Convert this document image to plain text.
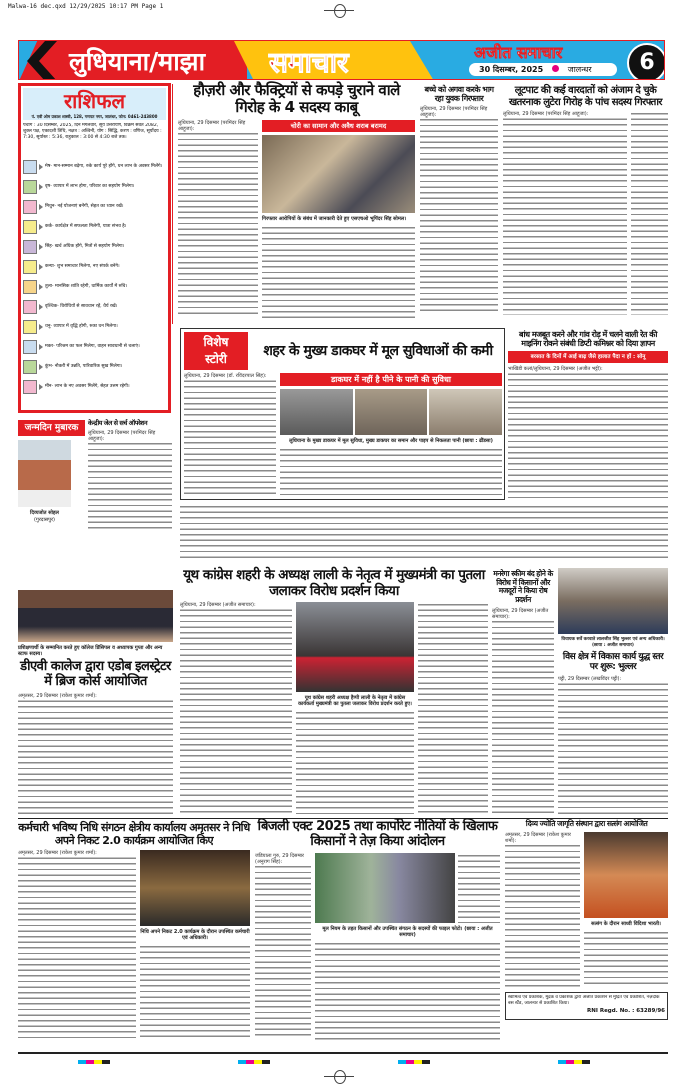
Malwa-16 dec.qxd 12/29/2025 10:17 PM Page 1
लुधियाना/माझा समाचार	अजीत समाचार
30 दिसम्बर, 2025	जालन्धर	6
राशिफल
पं. एवी ओम प्रकाश शास्त्री, 128, गणपत नगर, जालंधर, फोन: 0461-243800
पंचांग : 30 दिसम्बर, 2025, दिन मंगलवार, सूर्य उत्तरायण, विक्रम संवत 2082, शुक्ल पक्ष, एकादशी तिथि, नक्षत्र : अश्विनी, योग : सिद्धि, करण : वणिज, सूर्योदय : 7:30, सूर्यास्त : 5:36, राहुकाल : 3:00 से 4:30 बजे तक।
मेष- मान-सम्मान बढ़ेगा, रुके कार्य पूरे होंगे, धन लाभ के अवसर मिलेंगे।
वृष- व्यापार में लाभ होगा, परिवार का सहयोग मिलेगा।
मिथुन- नई योजनाएं बनेंगी, सेहत का ध्यान रखें।
कर्क- कार्यक्षेत्र में सफलता मिलेगी, यात्रा संभव है।
सिंह- खर्च अधिक होंगे, मित्रों से सहयोग मिलेगा।
कन्या- शुभ समाचार मिलेगा, नए संपर्क बनेंगे।
तुला- मानसिक शांति रहेगी, धार्मिक कार्यों में रुचि।
वृश्चिक- विरोधियों से सावधान रहें, धैर्य रखें।
धनु- व्यापार में वृद्धि होगी, रुका धन मिलेगा।
मकर- परिश्रम का फल मिलेगा, वाहन सावधानी से चलाएं।
कुंभ- नौकरी में उन्नति, पारिवारिक सुख मिलेगा।
मीन- लाभ के नए अवसर मिलेंगे, सेहत उत्तम रहेगी।
जन्मदिन मुबारक
दिव्यजोत सोहल
(गुरदासपुर)
केन्द्रीय जेल से सर्च ऑपरेशन
लुधियाना, 29 दिसम्बर (परमिंदर सिंह आहूजा):
प्रशिक्षणार्थी के सम्मानित करते हुए कॉलेज प्रिंसिपल व अध्यापक गुप्ता और अन्य स्टाफ सदस्य।
डीएवी कालेज द्वारा एडोब इलस्ट्रेटर में ब्रिज कोर्स आयोजित
अमृतसर, 29 दिसम्बर (राकेश कुमार शर्मा):
हौज़री और फैक्ट्रियों से कपड़े चुराने वाले गिरोह के 4 सदस्य काबू
लुधियाना, 29 दिसम्बर (परमिंदर सिंह आहूजा):	चोरी का सामान और अवैध शराब बरामद
गिरफ्तार आरोपियों के संबंध में जानकारी देते हुए एसएचओ भूपिंदर सिंह सोमल।
बच्चे को अगवा करके भाग रहा युवक गिरफ्तार
लुधियाना, 29 दिसम्बर (परमिंदर सिंह आहूजा):
लूटपाट की कई वारदातों को अंजाम दे चुके खतरनाक लुटेरा गिरोह के पांच सदस्य गिरफ्तार
लुधियाना, 29 दिसम्बर (परमिंदर सिंह आहूजा):
विशेष
स्टोरी
शहर के मुख्य डाकघर में मूल सुविधाओं की कमी
लुधियाना, 29 दिसम्बर (डॉ. रविंदरपाल सिंह):	डाकघर में नहीं है पीने के पानी की सुविधा
लुधियाना के मुख्य डाकघर में मूल सुविधा, मुख्य डाकघर का समान और पाइप से निकलता पानी (छाया : ढींडसा)
बांध मजबूत करने और गांव रोड़ में चलने वाली रेत की माइनिंग रोकने संबंधी डिप्टी कमिश्नर को दिया ज्ञापन
बरसात के दिनों में आई बाढ़ जैसे हालात पैदा न हों : सोनू
भाखिंडी कलां/लुधियाना, 29 दिसम्बर (अजीत भट्टी):
यूथ कांग्रेस शहरी के अध्यक्ष लाली के नेतृत्व में मुख्यमंत्री का पुतला जलाकर विरोध प्रदर्शन किया
लुधियाना, 29 दिसम्बर (अजीत समाचार):
यूथ कांग्रेस शहरी अध्यक्ष हैप्पी लाली के नेतृत्व में कांग्रेस कार्यकर्ता मुख्यमंत्री का पुतला जलाकर विरोध प्रदर्शन करते हुए।
मनरेगा स्कीम बंद होने के विरोध में किसानों और मजदूरों ने किया रोष प्रदर्शन
लुधियाना, 29 दिसम्बर (अजीत समाचार):
विधायक सर्वे करवाते लालजीत सिंह भुल्लर एवं अन्य अधिकारी। (छाया : अजीत समाचार)
विस क्षेत्र में विकास कार्य युद्ध स्तर पर शुरू: भुल्लर
पट्टी, 29 दिसम्बर (लखविंदर पट्टी):
कर्मचारी भविष्य निधि संगठन क्षेत्रीय कार्यालय अमृतसर ने निधि अपने निकट 2.0 कार्यक्रम आयोजित किए
अमृतसर, 29 दिसम्बर (राकेश कुमार शर्मा):
निधि अपने निकट 2.0 कार्यक्रम के दौरान उपस्थित कर्मचारी एवं अधिकारी।
बिजली एक्ट 2025 तथा कार्पोरेट नीतियों के खिलाफ किसानों ने तेज़ किया आंदोलन
जंडियाला गुरु, 29 दिसम्बर (अनुराग सिंह):
मूल नियम के तहत किसानों और उपस्थित संगठन के सदस्यों की फाइल फोटो। (छाया : अजीत समाचार)
दिव्य ज्योति जागृति संस्थान द्वारा सत्संग आयोजित
अमृतसर, 29 दिसम्बर (राकेश कुमार शर्मा):
सत्संग के दौरान साध्वी विदिशा भारती।
स्वामित्व एवं प्रकाशक, मुद्रक व प्रकाशक द्वारा अजीत प्रकाशन से मुद्रित एवं प्रकाशित, नज़दीक बस स्टैंड, जालन्धर से प्रकाशित किया।
RNI Regd. No. : 63289/96
